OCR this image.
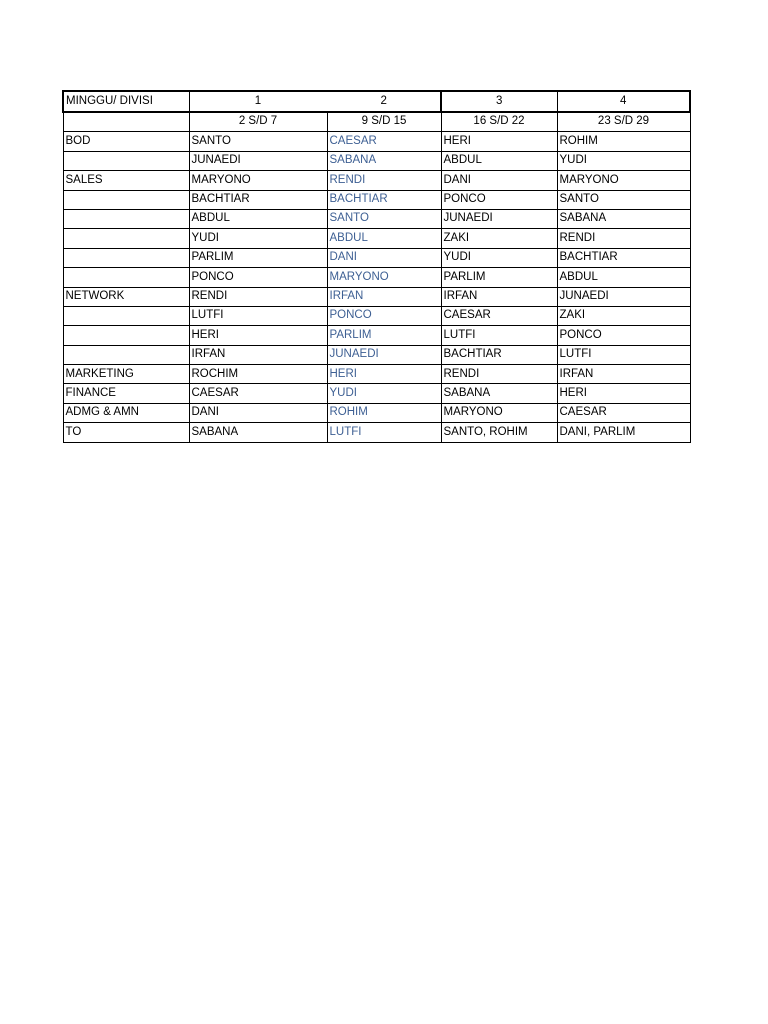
MINGGU/ DIVISI	1	2	3	4
	2 S/D 7	9 S/D 15	16 S/D 22	23 S/D 29
BOD	SANTO	CAESAR	HERI	ROHIM
	JUNAEDI	SABANA	ABDUL	YUDI
SALES	MARYONO	RENDI	DANI	MARYONO
	BACHTIAR	BACHTIAR	PONCO	SANTO
	ABDUL	SANTO	JUNAEDI	SABANA
	YUDI	ABDUL	ZAKI	RENDI
	PARLIM	DANI	YUDI	BACHTIAR
	PONCO	MARYONO	PARLIM	ABDUL
NETWORK	RENDI	IRFAN	IRFAN	JUNAEDI
	LUTFI	PONCO	CAESAR	ZAKI
	HERI	PARLIM	LUTFI	PONCO
	IRFAN	JUNAEDI	BACHTIAR	LUTFI
MARKETING	ROCHIM	HERI	RENDI	IRFAN
FINANCE	CAESAR	YUDI	SABANA	HERI
ADMG & AMN	DANI	ROHIM	MARYONO	CAESAR
TO	SABANA	LUTFI	SANTO, ROHIM	DANI, PARLIM
